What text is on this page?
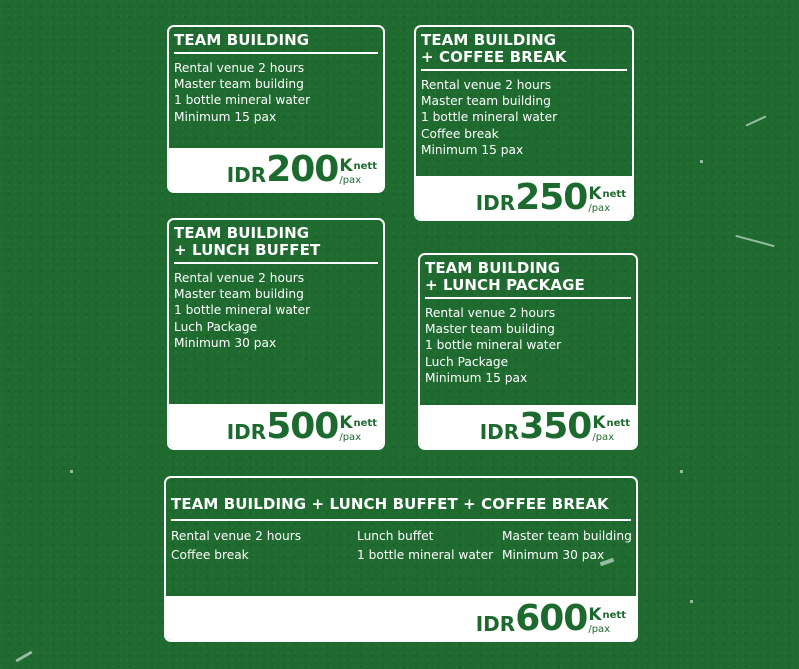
TEAM BUILDING
Rental venue 2 hours
Master team building
1 bottle mineral water
Minimum 15 pax
IDR 200 $K^{nett}$
/pax
TEAM BUILDING
+ COFFEE BREAK
Rental venue 2 hours
Master team building
1 bottle mineral water
Coffee break
Minimum 15 pax
IDR 250 $K^{nett}$
/pax
TEAM BUILDING
+ LUNCH BUFFET
Rental venue 2 hours
Master team building
1 bottle mineral water
Luch Package
Minimum 30 pax
IDR 500 $K^{nett}$
/pax
TEAM BUILDING
+ LUNCH PACKAGE
Rental venue 2 hours
Master team building
1 bottle mineral water
Luch Package
Minimum 15 pax
IDR 350 $K^{nett}$
/pax
TEAM BUILDING + LUNCH BUFFET + COFFEE BREAK
Rental venue 2 hours	Lunch buffet	Master team building
Coffee break	1 bottle mineral water Minimum 30 pax
IDR 600 $K^{nett}$
/pax
